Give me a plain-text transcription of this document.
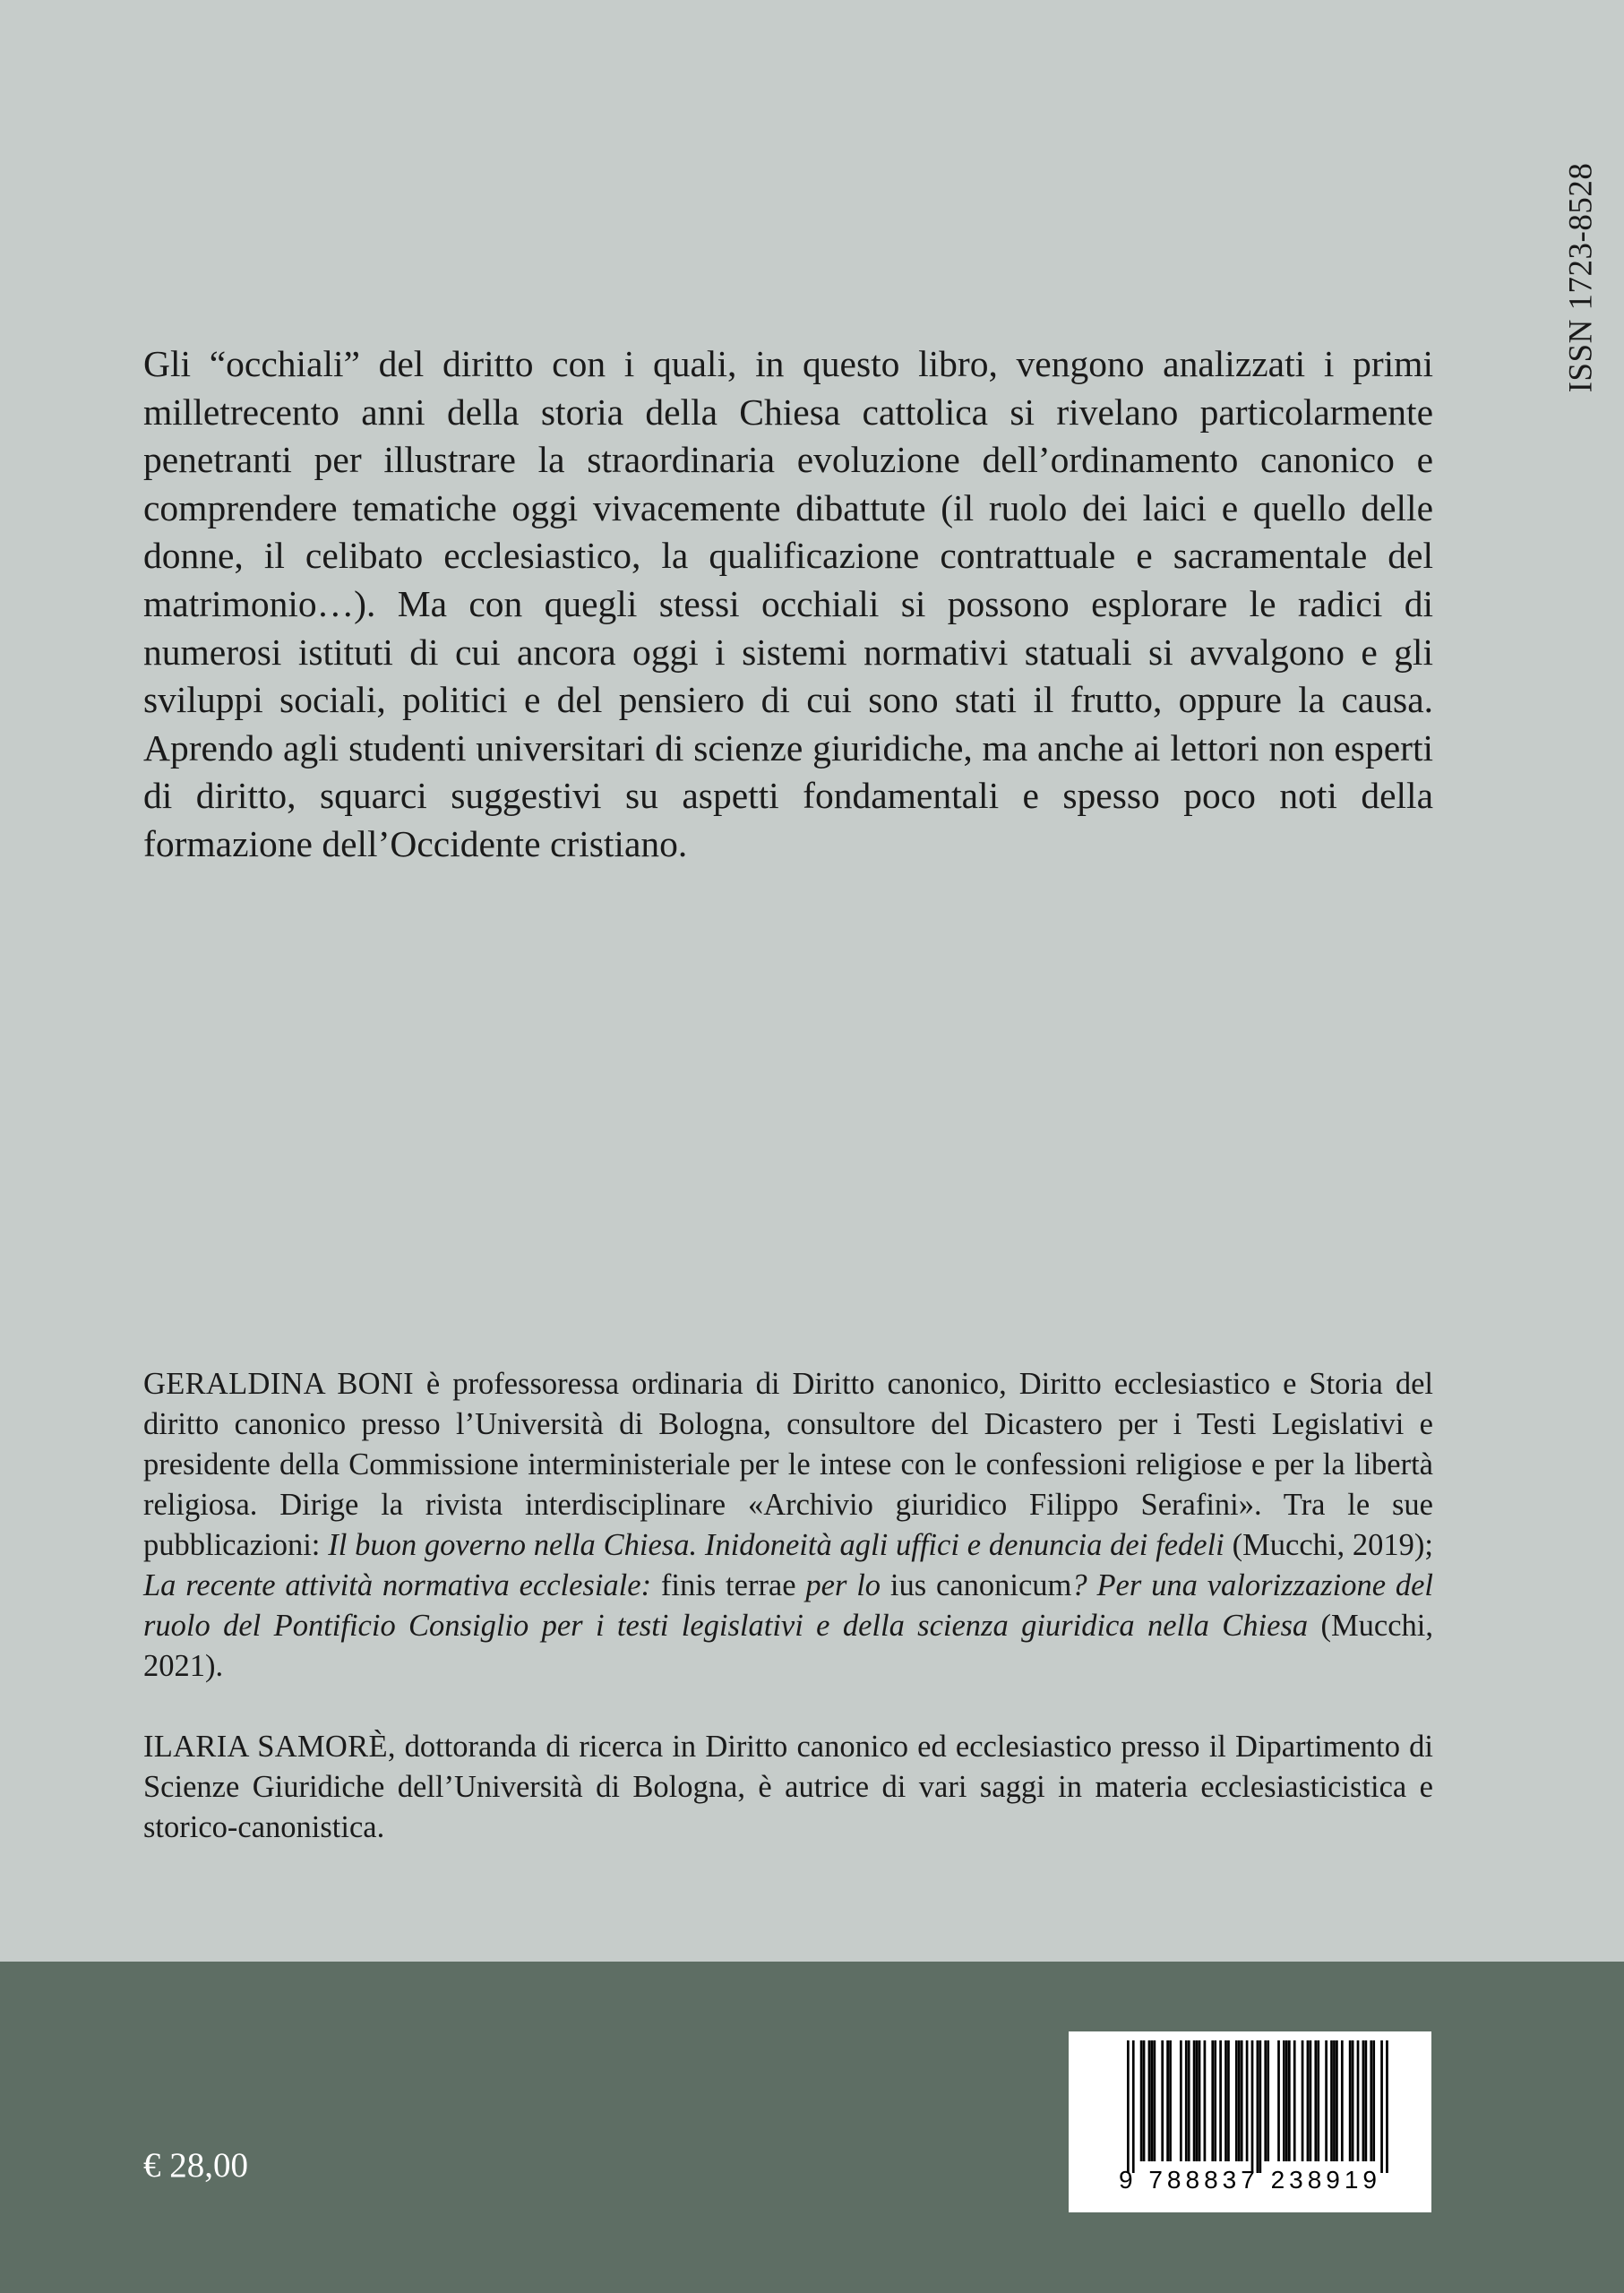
ISSN 1723-8528

Gli “occhiali” del diritto con i quali, in questo libro, vengono analizzati i primi milletrecento anni della storia della Chiesa cattolica si rivelano particolarmente penetranti per illustrare la straordinaria evoluzione dell’ordinamento canonico e comprendere tematiche oggi vivacemente dibattute (il ruolo dei laici e quello delle donne, il celibato ecclesiastico, la qualificazione contrattuale e sacramentale del matrimonio…). Ma con quegli stessi occhiali si possono esplorare le radici di numerosi istituti di cui ancora oggi i sistemi normativi statuali si avvalgono e gli sviluppi sociali, politici e del pensiero di cui sono stati il frutto, oppure la causa. Aprendo agli studenti universitari di scienze giuridiche, ma anche ai lettori non esperti di diritto, squarci suggestivi su aspetti fondamentali e spesso poco noti della formazione dell’Occidente cristiano.

GERALDINA BONI è professoressa ordinaria di Diritto canonico, Diritto ecclesiastico e Storia del diritto canonico presso l’Università di Bologna, consultore del Dicastero per i Testi Legislativi e presidente della Commissione interministeriale per le intese con le confessioni religiose e per la libertà religiosa. Dirige la rivista interdisciplinare «Archivio giuridico Filippo Serafini». Tra le sue pubblicazioni: Il buon governo nella Chiesa. Inidoneità agli uffici e denuncia dei fedeli (Mucchi, 2019); La recente attività normativa ecclesiale: finis terrae per lo ius canonicum? Per una valorizzazione del ruolo del Pontificio Consiglio per i testi legislativi e della scienza giuridica nella Chiesa (Mucchi, 2021).

ILARIA SAMORÈ, dottoranda di ricerca in Diritto canonico ed ecclesiastico presso il Dipartimento di Scienze Giuridiche dell’Università di Bologna, è autrice di vari saggi in materia ecclesiasticistica e storico-canonistica.

€ 28,00	9 788837 238919
